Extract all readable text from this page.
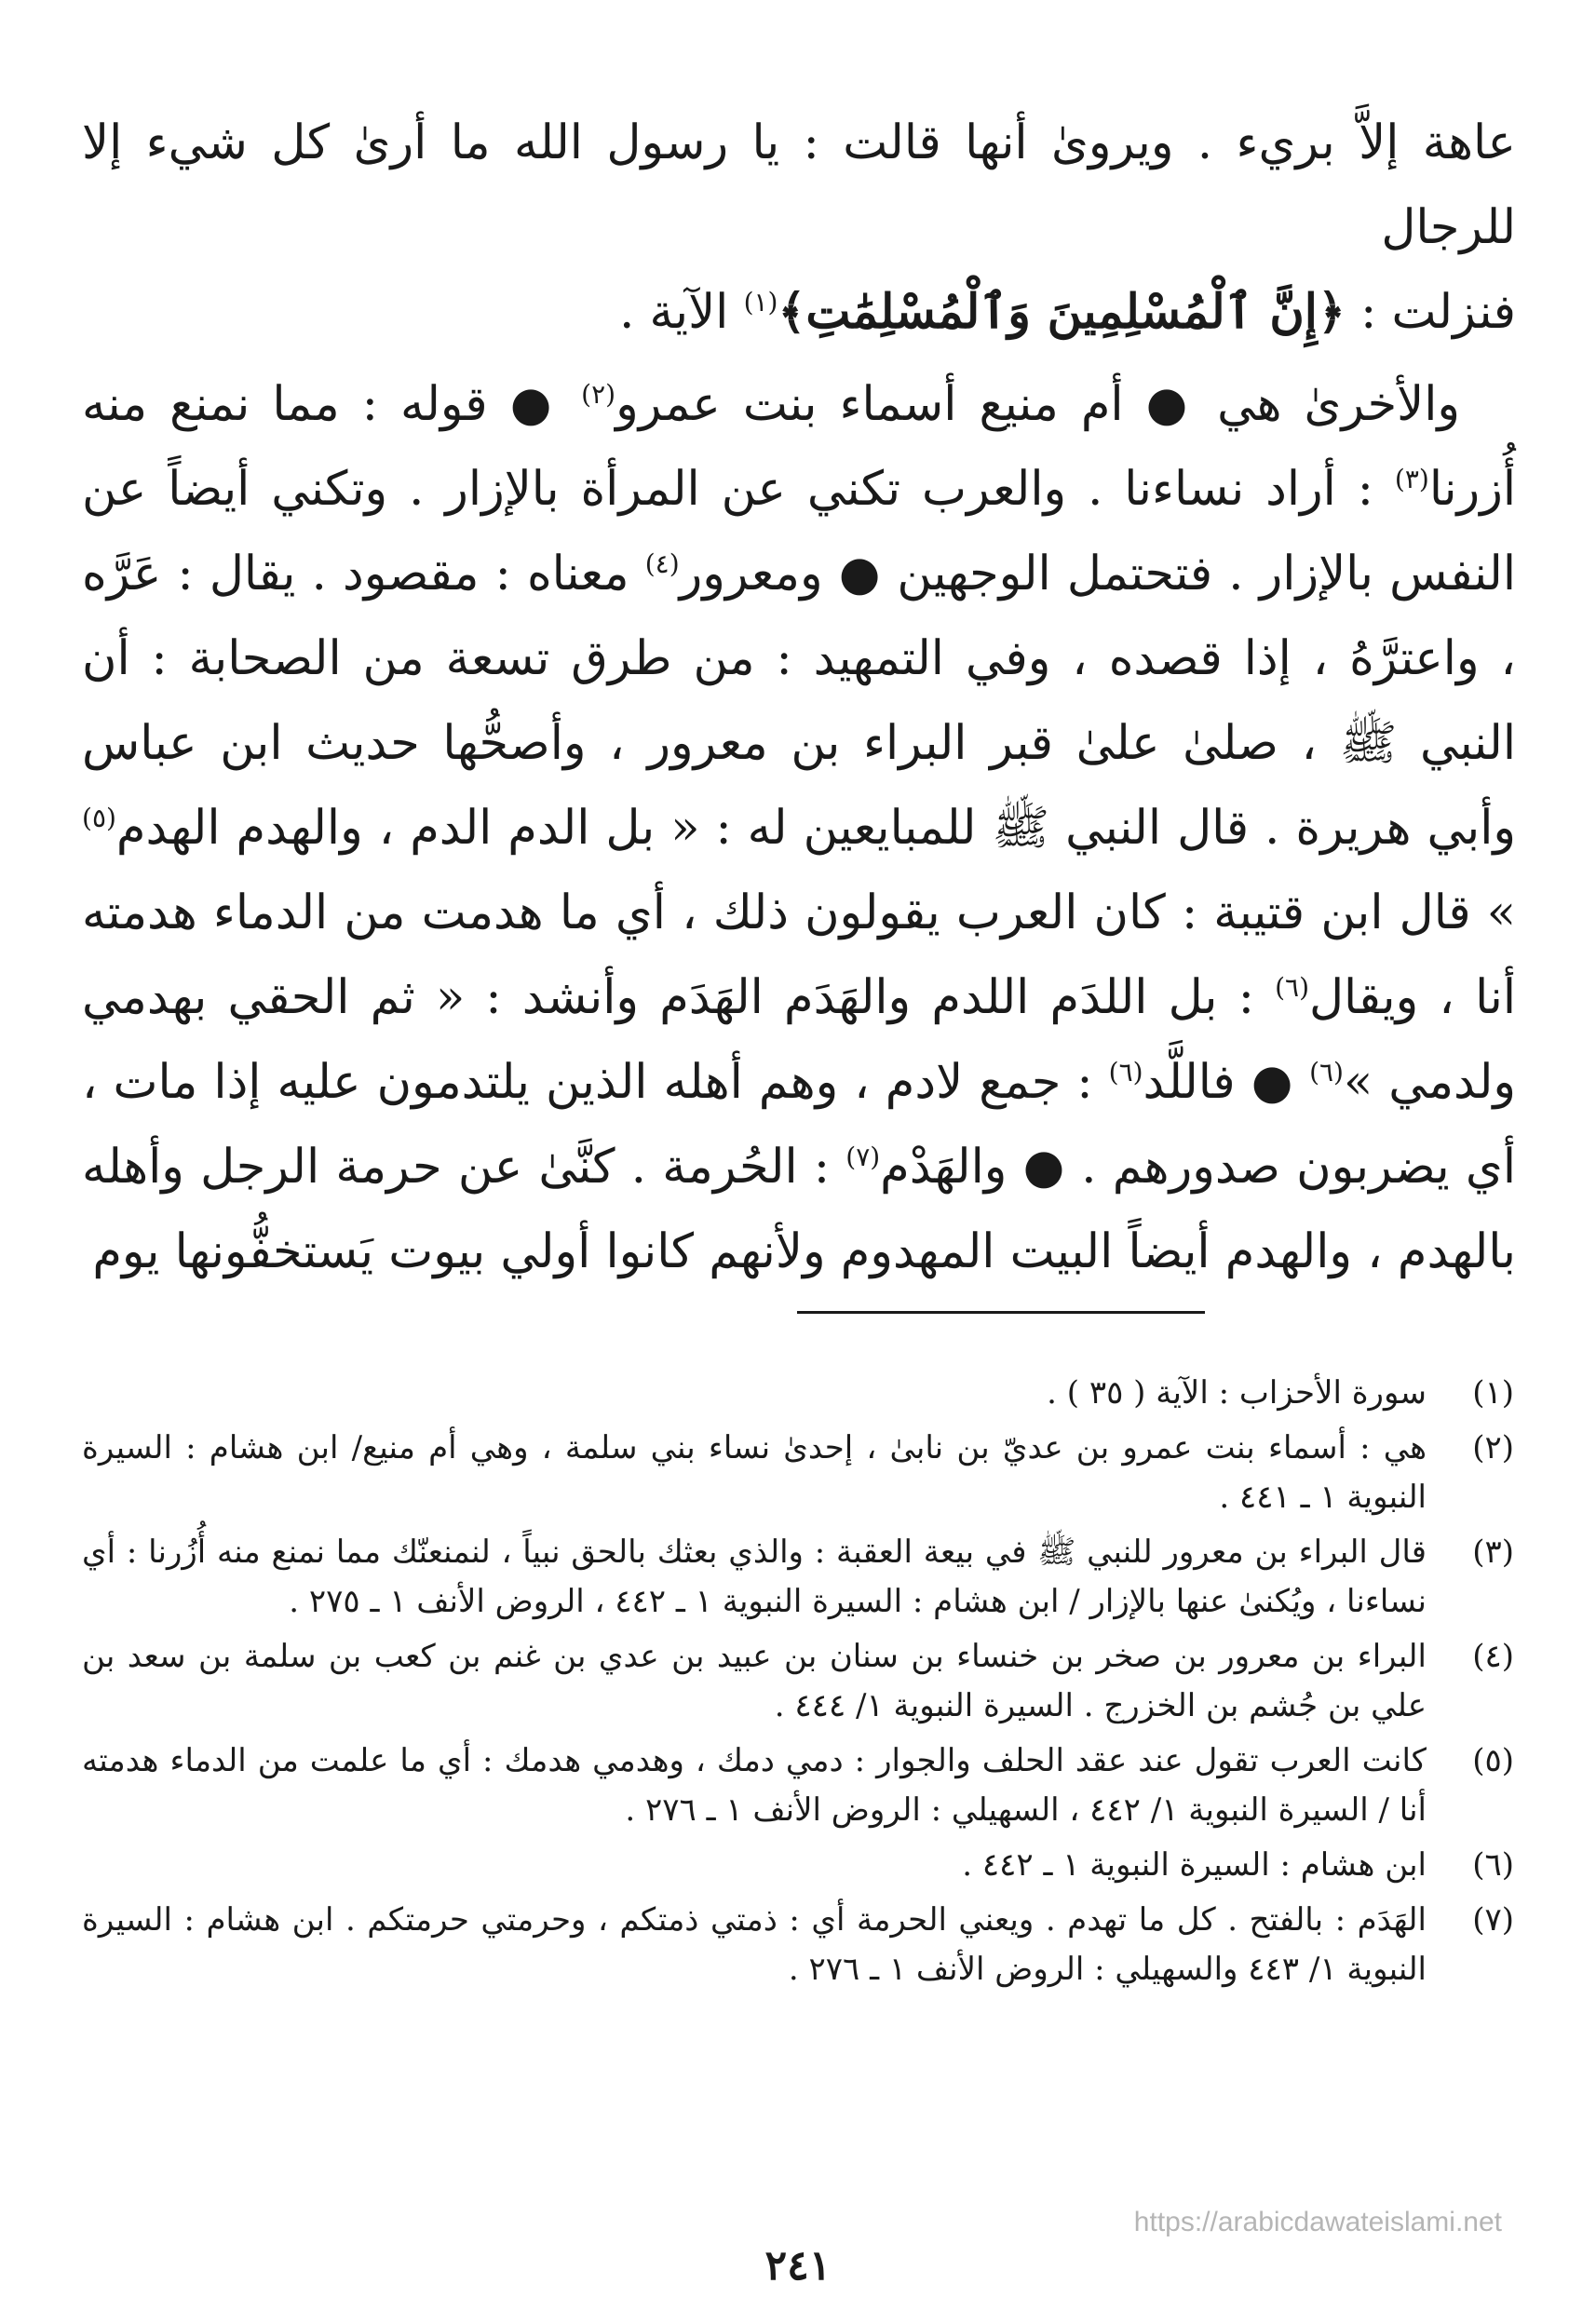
عاهة إلاَّ بريء . ويروىٰ أنها قالت : يا رسول الله ما أرىٰ كل شيء إلا للرجال
فنزلت : ﴿إِنَّ ٱلْمُسْلِمِينَ وَٱلْمُسْلِمَٰتِ﴾$^{(١)}$ الآية .

والأخرىٰ هي ● أم منيع أسماء بنت عمرو$^{(٢)}$ ● قوله : مما نمنع منه أُزرنا$^{(٣)}$ : أراد نساءنا . والعرب تكني عن المرأة بالإزار . وتكني أيضاً عن النفس بالإزار . فتحتمل الوجهين ● ومعرور$^{(٤)}$ معناه : مقصود . يقال : عَرَّه ، واعترَّهُ ، إذا قصده ، وفي التمهيد : من طرق تسعة من الصحابة : أن النبي ﷺ ، صلىٰ علىٰ قبر البراء بن معرور ، وأصحُّها حديث ابن عباس وأبي هريرة . قال النبي ﷺ للمبايعين له : « بل الدم الدم ، والهدم الهدم$^{(٥)}$ » قال ابن قتيبة : كان العرب يقولون ذلك ، أي ما هدمت من الدماء هدمته أنا ، ويقال$^{(٦)}$ : بل اللدَم اللدم والهَدَم الهَدَم وأنشد : « ثم الحقي بهدمي ولدمي »$^{(٦)}$ ● فاللَّد$^{(٦)}$ : جمع لادم ، وهم أهله الذين يلتدمون عليه إذا مات ، أي يضربون صدورهم . ● والهَدْم$^{(٧)}$ : الحُرمة . كنَّىٰ عن حرمة الرجل وأهله بالهدم ، والهدم أيضاً البيت المهدوم ولأنهم كانوا أولي بيوت يَستخفُّونها يوم

(١)
سورة الأحزاب : الآية ( ٣٥ ) .
(٢)
هي : أسماء بنت عمرو بن عديّ بن نابىٰ ، إحدىٰ نساء بني سلمة ، وهي أم منيع/ ابن هشام : السيرة النبوية ١ ـ ٤٤١ .
(٣)
قال البراء بن معرور للنبي ﷺ في بيعة العقبة : والذي بعثك بالحق نبياً ، لنمنعنّك مما نمنع منه أُزُرنا : أي نساءنا ، ويُكنىٰ عنها بالإزار / ابن هشام : السيرة النبوية ١ ـ ٤٤٢ ، الروض الأنف ١ ـ ٢٧٥ .
(٤)
البراء بن معرور بن صخر بن خنساء بن سنان بن عبيد بن عدي بن غنم بن كعب بن سلمة بن سعد بن علي بن جُشم بن الخزرج . السيرة النبوية ١/ ٤٤٤ .
(٥)
كانت العرب تقول عند عقد الحلف والجوار : دمي دمك ، وهدمي هدمك : أي ما علمت من الدماء هدمته أنا / السيرة النبوية ١/ ٤٤٢ ، السهيلي : الروض الأنف ١ ـ ٢٧٦ .
(٦)
ابن هشام : السيرة النبوية ١ ـ ٤٤٢ .
(٧)
الهَدَم : بالفتح . كل ما تهدم . ويعني الحرمة أي : ذمتي ذمتكم ، وحرمتي حرمتكم . ابن هشام : السيرة النبوية ١/ ٤٤٣ والسهيلي : الروض الأنف ١ ـ ٢٧٦ .
https://arabicdawateislami.net
٢٤١
